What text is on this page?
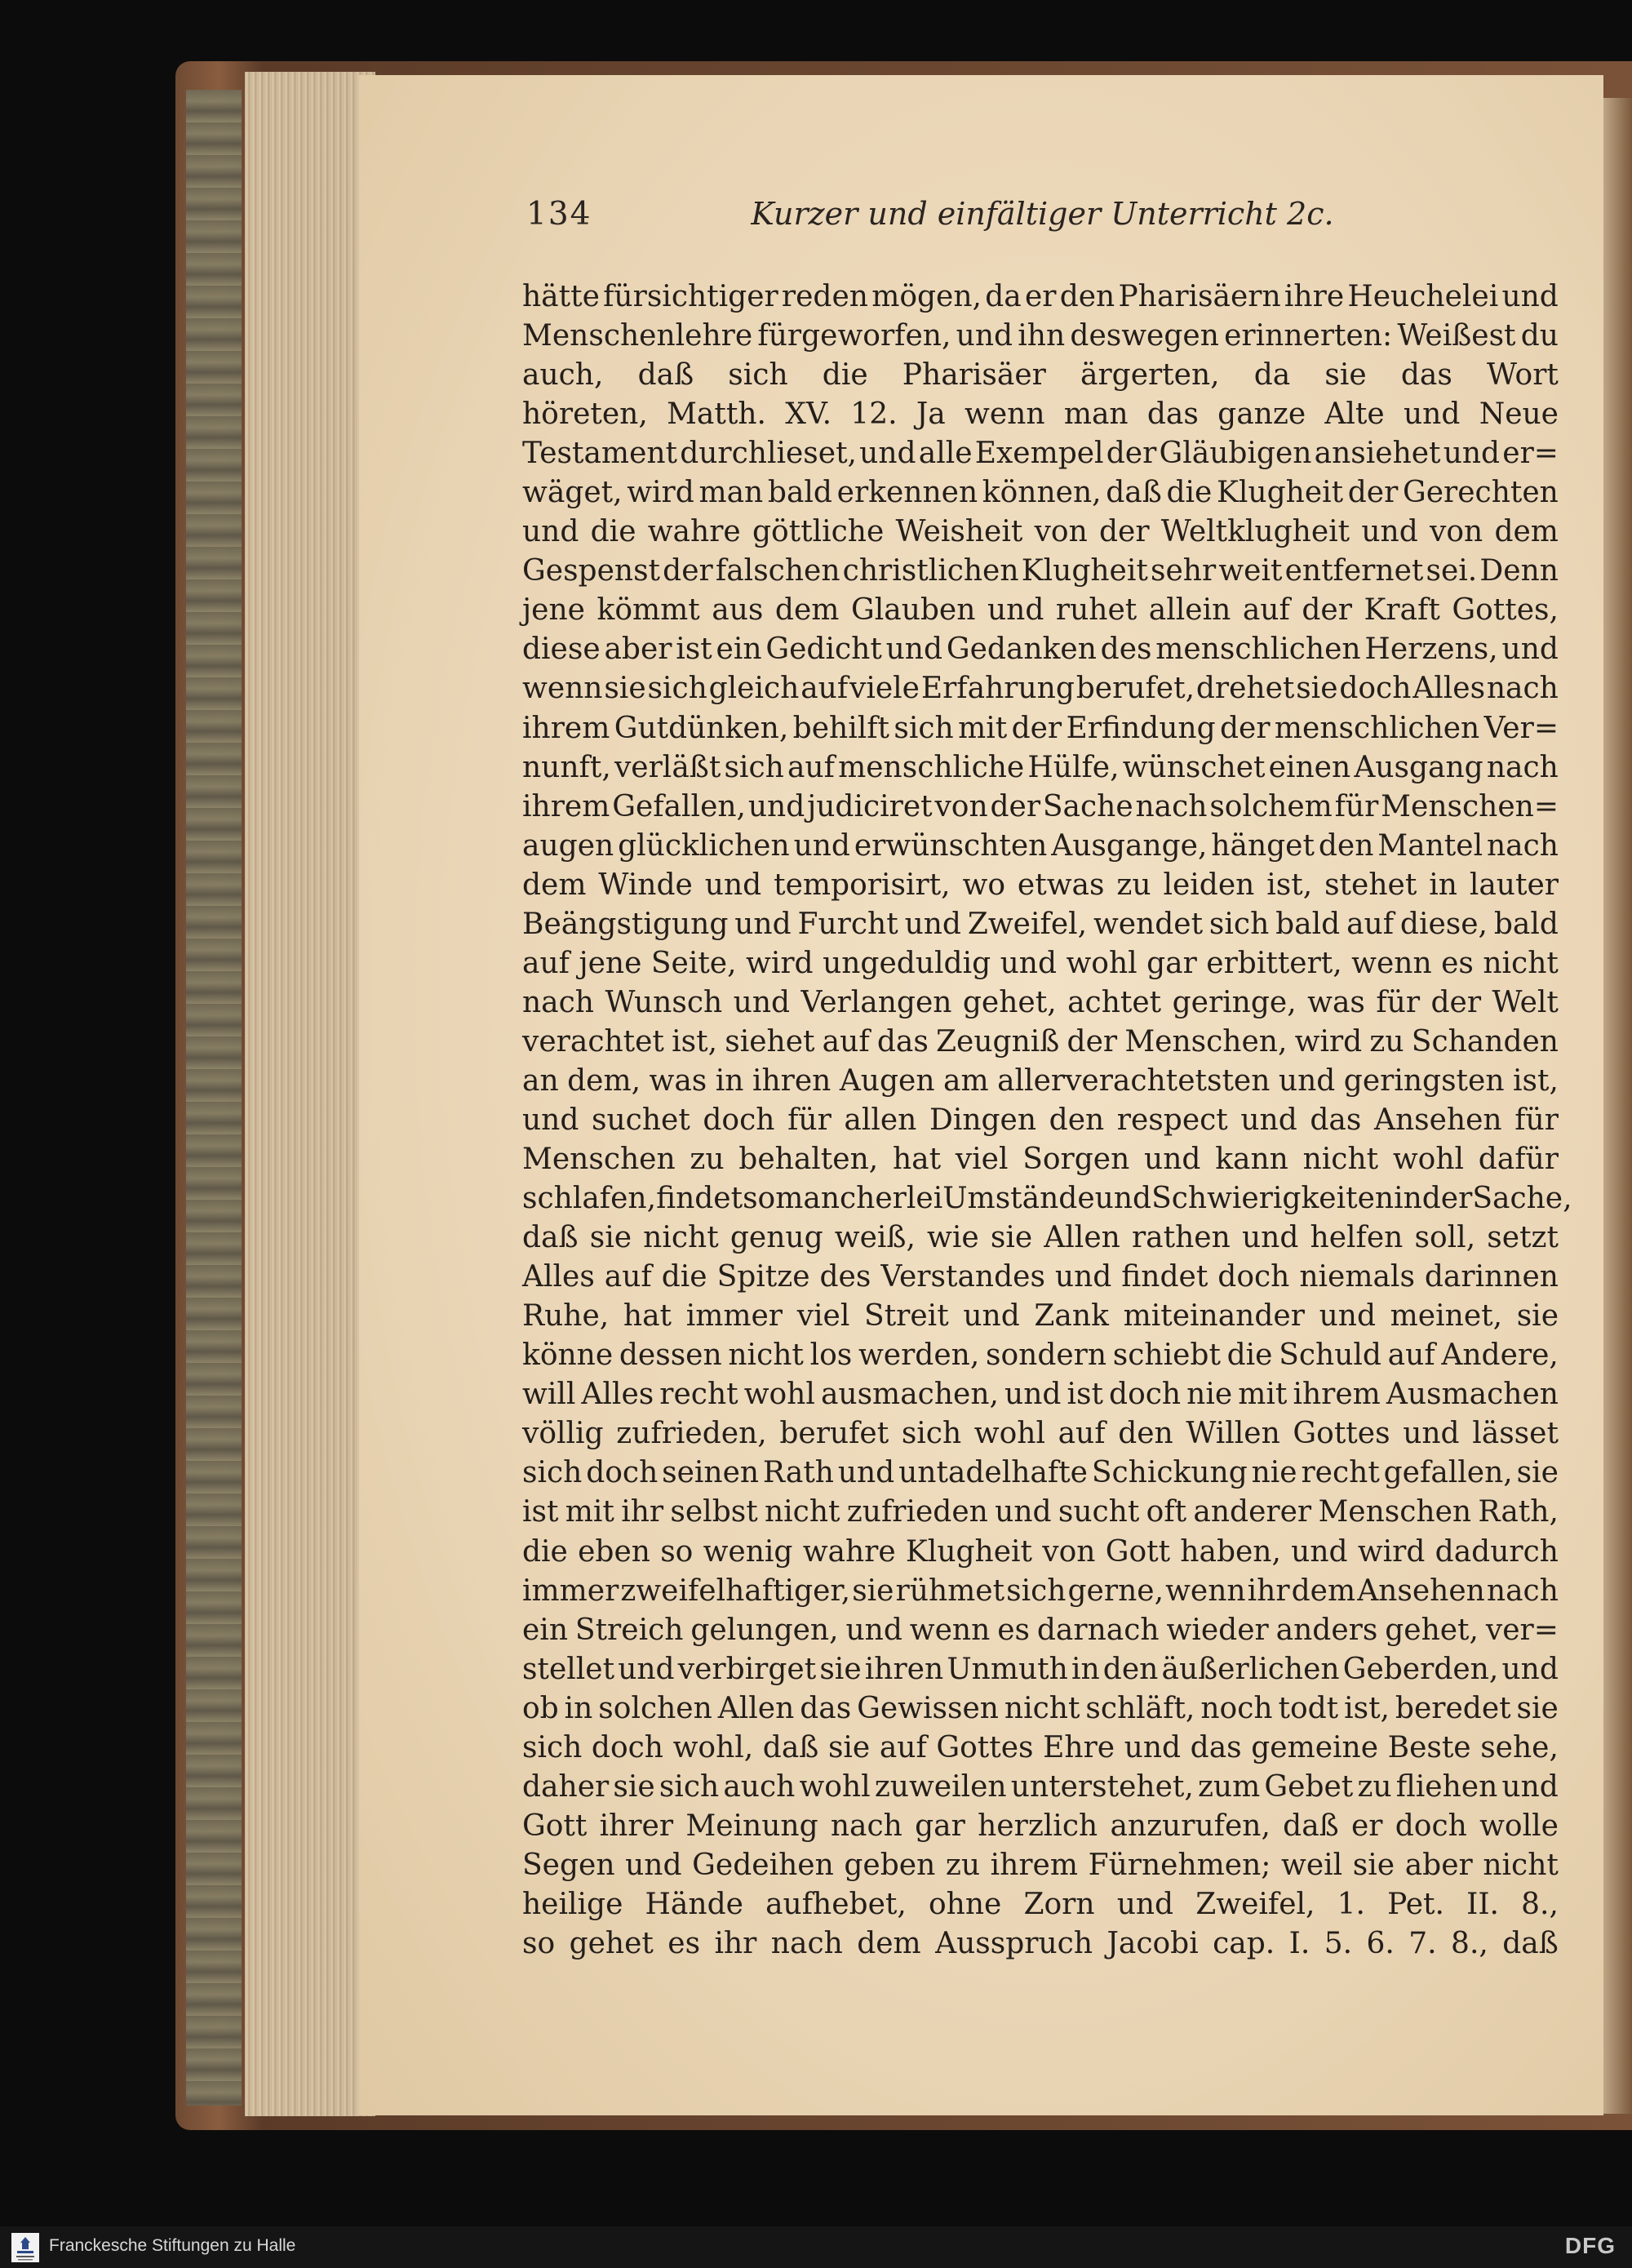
134	Kurzer und einfältiger Unterricht 2c.
hätte fürsichtiger reden mögen, da er den Pharisäern ihre Heuchelei und
Menschenlehre fürgeworfen, und ihn deswegen erinnerten: Weißest du
auch, daß sich die Pharisäer ärgerten, da sie das Wort
höreten, Matth. XV. 12. Ja wenn man das ganze Alte und Neue
Testament durchlieset, und alle Exempel der Gläubigen ansiehet und er=
wäget, wird man bald erkennen können, daß die Klugheit der Gerechten
und die wahre göttliche Weisheit von der Weltklugheit und von dem
Gespenst der falschen christlichen Klugheit sehr weit entfernet sei. Denn
jene kömmt aus dem Glauben und ruhet allein auf der Kraft Gottes,
diese aber ist ein Gedicht und Gedanken des menschlichen Herzens, und
wenn sie sich gleich auf viele Erfahrung berufet, drehet sie doch Alles nach
ihrem Gutdünken, behilft sich mit der Erfindung der menschlichen Ver=
nunft, verläßt sich auf menschliche Hülfe, wünschet einen Ausgang nach
ihrem Gefallen, und judiciret von der Sache nach solchem für Menschen=
augen glücklichen und erwünschten Ausgange, hänget den Mantel nach
dem Winde und temporisirt, wo etwas zu leiden ist, stehet in lauter
Beängstigung und Furcht und Zweifel, wendet sich bald auf diese, bald
auf jene Seite, wird ungeduldig und wohl gar erbittert, wenn es nicht
nach Wunsch und Verlangen gehet, achtet geringe, was für der Welt
verachtet ist, siehet auf das Zeugniß der Menschen, wird zu Schanden
an dem, was in ihren Augen am allerverachtetsten und geringsten ist,
und suchet doch für allen Dingen den respect und das Ansehen für
Menschen zu behalten, hat viel Sorgen und kann nicht wohl dafür
schlafen, findet so mancherlei Umstände und Schwierigkeiten in der Sache,
daß sie nicht genug weiß, wie sie Allen rathen und helfen soll, setzt
Alles auf die Spitze des Verstandes und findet doch niemals darinnen
Ruhe, hat immer viel Streit und Zank miteinander und meinet, sie
könne dessen nicht los werden, sondern schiebt die Schuld auf Andere,
will Alles recht wohl ausmachen, und ist doch nie mit ihrem Ausmachen
völlig zufrieden, berufet sich wohl auf den Willen Gottes und lässet
sich doch seinen Rath und untadelhafte Schickung nie recht gefallen, sie
ist mit ihr selbst nicht zufrieden und sucht oft anderer Menschen Rath,
die eben so wenig wahre Klugheit von Gott haben, und wird dadurch
immer zweifelhaftiger, sie rühmet sich gerne, wenn ihr dem Ansehen nach
ein Streich gelungen, und wenn es darnach wieder anders gehet, ver=
stellet und verbirget sie ihren Unmuth in den äußerlichen Geberden, und
ob in solchen Allen das Gewissen nicht schläft, noch todt ist, beredet sie
sich doch wohl, daß sie auf Gottes Ehre und das gemeine Beste sehe,
daher sie sich auch wohl zuweilen unterstehet, zum Gebet zu fliehen und
Gott ihrer Meinung nach gar herzlich anzurufen, daß er doch wolle
Segen und Gedeihen geben zu ihrem Fürnehmen; weil sie aber nicht
heilige Hände aufhebet, ohne Zorn und Zweifel, 1. Pet. II. 8.,
so gehet es ihr nach dem Ausspruch Jacobi cap. I. 5. 6. 7. 8., daß
Franckesche Stiftungen zu Halle	DFG
